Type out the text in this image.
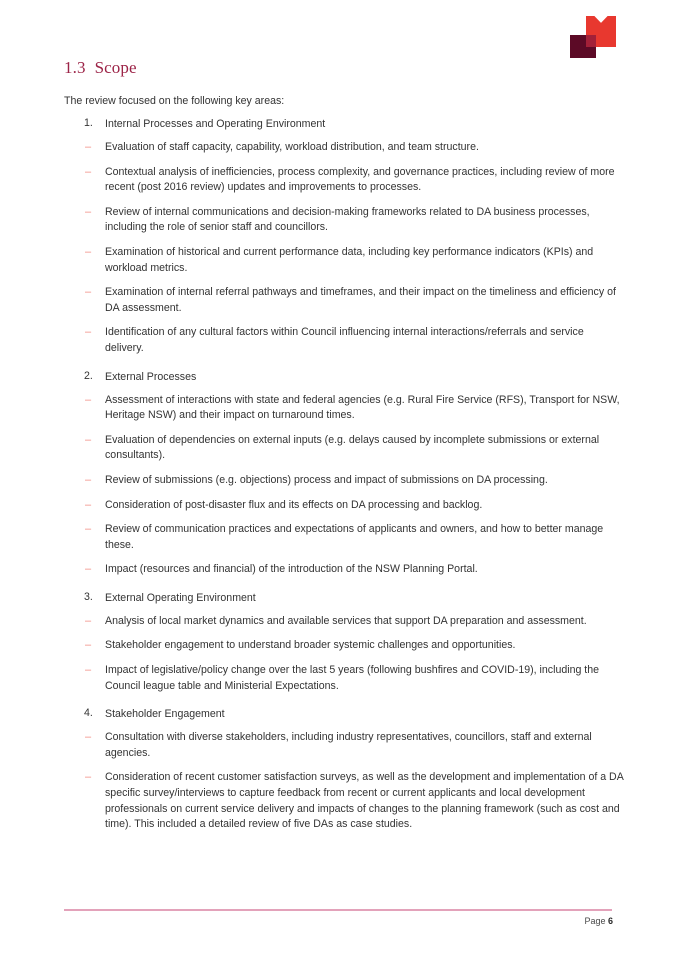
1.3 Scope
The review focused on the following key areas:
1. Internal Processes and Operating Environment
– Evaluation of staff capacity, capability, workload distribution, and team structure.
– Contextual analysis of inefficiencies, process complexity, and governance practices, including review of more recent (post 2016 review) updates and improvements to processes.
– Review of internal communications and decision-making frameworks related to DA business processes, including the role of senior staff and councillors.
– Examination of historical and current performance data, including key performance indicators (KPIs) and workload metrics.
– Examination of internal referral pathways and timeframes, and their impact on the timeliness and efficiency of DA assessment.
– Identification of any cultural factors within Council influencing internal interactions/referrals and service delivery.
2. External Processes
– Assessment of interactions with state and federal agencies (e.g. Rural Fire Service (RFS), Transport for NSW, Heritage NSW) and their impact on turnaround times.
– Evaluation of dependencies on external inputs (e.g. delays caused by incomplete submissions or external consultants).
– Review of submissions (e.g. objections) process and impact of submissions on DA processing.
– Consideration of post-disaster flux and its effects on DA processing and backlog.
– Review of communication practices and expectations of applicants and owners, and how to better manage these.
– Impact (resources and financial) of the introduction of the NSW Planning Portal.
3. External Operating Environment
– Analysis of local market dynamics and available services that support DA preparation and assessment.
– Stakeholder engagement to understand broader systemic challenges and opportunities.
– Impact of legislative/policy change over the last 5 years (following bushfires and COVID-19), including the Council league table and Ministerial Expectations.
4. Stakeholder Engagement
– Consultation with diverse stakeholders, including industry representatives, councillors, staff and external agencies.
– Consideration of recent customer satisfaction surveys, as well as the development and implementation of a DA specific survey/interviews to capture feedback from recent or current applicants and local development professionals on current service delivery and impacts of changes to the planning framework (such as cost and time). This included a detailed review of five DAs as case studies.
Page 6
